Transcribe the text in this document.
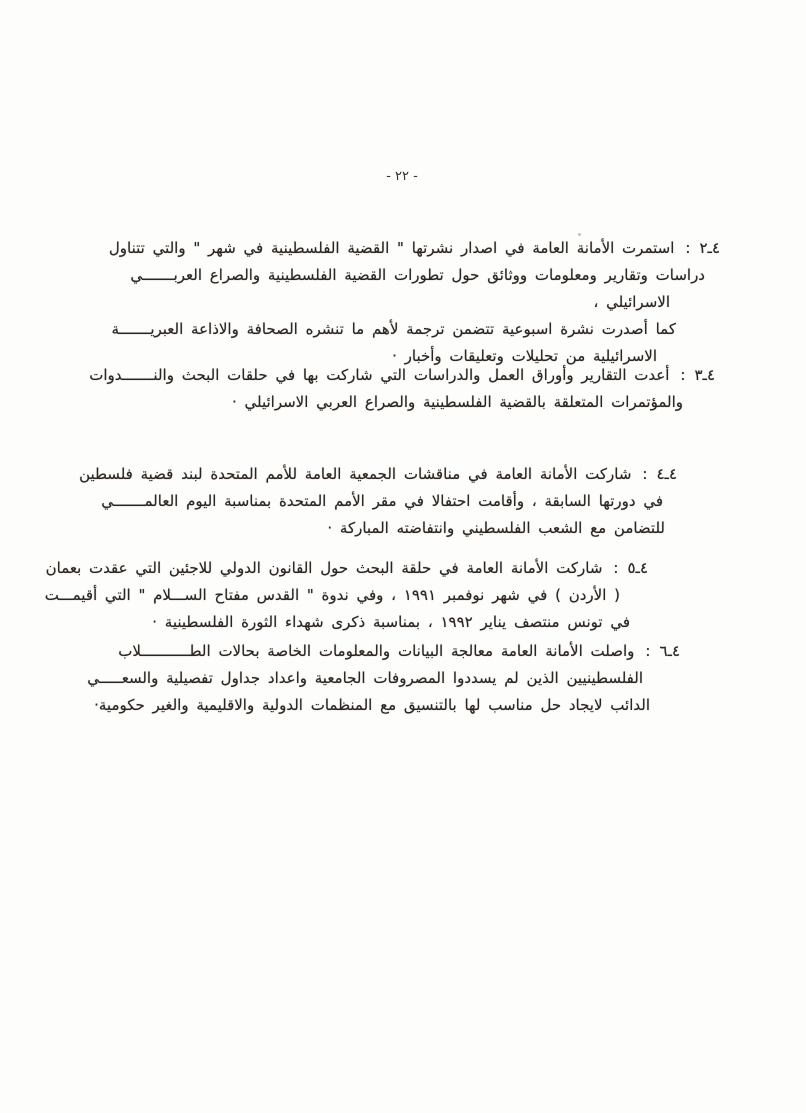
- ٢٢ -
٤ـ٢:استمرت الأمانة العامة في اصدار نشرتها " القضية الفلسطينية في شهر " والتي تتناول
دراسات وتقارير ومعلومات ووثائق حول تطورات القضية الفلسطينية والصراع العربـــــــي
الاسرائيلي ،
كما أصدرت نشرة اسبوعية تتضمن ترجمة لأهم ما تنشره الصحافة والاذاعة العبريـــــــة
الاسرائيلية من تحليلات وتعليقات وأخبار ·
٤ـ٣:أعدت التقارير وأوراق العمل والدراسات التي شاركت بها في حلقات البحث والنـــــــدوات
والمؤتمرات المتعلقة بالقضية الفلسطينية والصراع العربي الاسرائيلي ·
٤ـ٤:شاركت الأمانة العامة في مناقشات الجمعية العامة للأمم المتحدة لبند قضية فلسطين
في دورتها السابقة ، وأقامت احتفالا في مقر الأمم المتحدة بمناسبة اليوم العالمـــــــي
للتضامن مع الشعب الفلسطيني وانتفاضته المباركة ·
٤ـ٥:شاركت الأمانة العامة في حلقة البحث حول القانون الدولي للاجئين التي عقدت بعمان
( الأردن ) في شهر نوفمبر ١٩٩١ ، وفي ندوة " القدس مفتاح الســـلام " التي أقيمـــت
في تونس منتصف يناير ١٩٩٢ ، بمناسبة ذكرى شهداء الثورة الفلسطينية ·
٤ـ٦:واصلت الأمانة العامة معالجة البيانات والمعلومات الخاصة بحالات الطـــــــــــلاب
الفلسطينيين الذين لم يسددوا المصروفات الجامعية واعداد جداول تفصيلية والسعـــــي
الدائب لايجاد حل مناسب لها بالتنسيق مع المنظمات الدولية والاقليمية والغير حكومية·
